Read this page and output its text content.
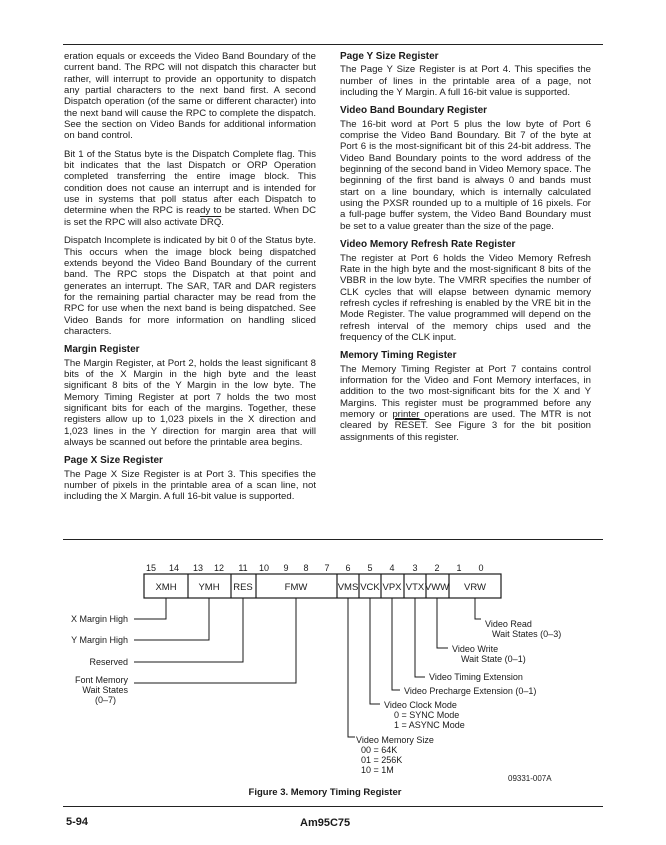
eration equals or exceeds the Video Band Boundary of the current band. The RPC will not dispatch this character but rather, will interrupt to provide an opportunity to dispatch any partial characters to the next band first. A second Dispatch operation (of the same or different character) into the next band will cause the RPC to complete the dispatch. See the section on Video Bands for additional information on band control.

Bit 1 of the Status byte is the Dispatch Complete flag. This bit indicates that the last Dispatch or ORP Operation completed transferring the entire image block. This condition does not cause an interrupt and is intended for use in systems that poll status after each Dispatch to determine when the RPC is ready to be started. When DC is set the RPC will also activate $\overline{DRQ}$.

Dispatch Incomplete is indicated by bit 0 of the Status byte. This occurs when the image block being dispatched extends beyond the Video Band Boundary of the current band. The RPC stops the Dispatch at that point and generates an interrupt. The SAR, TAR and DAR registers for the remaining partial character may be read from the RPC for use when the next band is being dispatched. See Video Bands for more information on handling sliced characters.

Margin Register

The Margin Register, at Port 2, holds the least significant 8 bits of the X Margin in the high byte and the least significant 8 bits of the Y Margin in the low byte. The Memory Timing Register at port 7 holds the two most significant bits for each of the margins. Together, these registers allow up to 1,023 pixels in the X direction and 1,023 lines in the Y direction for margin area that will always be scanned out before the printable area begins.

Page X Size Register

The Page X Size Register is at Port 3. This specifies the number of pixels in the printable area of a scan line, not including the X Margin. A full 16-bit value is supported.

Page Y Size Register

The Page Y Size Register is at Port 4. This specifies the number of lines in the printable area of a page, not including the Y Margin. A full 16-bit value is supported.

Video Band Boundary Register

The 16-bit word at Port 5 plus the low byte of Port 6 comprise the Video Band Boundary. Bit 7 of the byte at Port 6 is the most-significant bit of this 24-bit address. The Video Band Boundary points to the word address of the beginning of the second band in Video Memory space. The beginning of the first band is always 0 and bands must start on a line boundary, which is internally calculated using the PXSR rounded up to a multiple of 16 pixels. For a full-page buffer system, the Video Band Boundary must be set to a value greater than the size of the page.

Video Memory Refresh Rate Register

The register at Port 6 holds the Video Memory Refresh Rate in the high byte and the most-significant 8 bits of the VBBR in the low byte. The VMRR specifies the number of CLK cycles that will elapse between dynamic memory refresh cycles if refreshing is enabled by the VRE bit in the Mode Register. The value programmed will depend on the refresh interval of the memory chips used and the frequency of the CLK input.

Memory Timing Register

The Memory Timing Register at Port 7 contains control information for the Video and Font Memory interfaces, in addition to the two most-significant bits for the X and Y Margins. This register must be programmed before any memory or printer operations are used. The MTR is not cleared by RESET. See Figure 3 for the bit position assignments of this register.

15 14 13 12 11 10 9 8 7 6 5 4 3 2 1 0
XMH YMH RES	FMW	VMS VCK VPX VTX VWW VRW
X Margin High
Y Margin High
Reserved
Font Memory
Wait States
(0–7)
Video Read
Wait States (0–3)
Video Write
Wait State (0–1)
Video Timing Extension
Video Precharge Extension (0–1)
Video Clock Mode
0 = SYNC Mode
1 = ASYNC Mode
Video Memory Size
00 = 64K
01 = 256K
10 = 1M
09331-007A
Figure 3. Memory Timing Register
5-94	Am95C75
